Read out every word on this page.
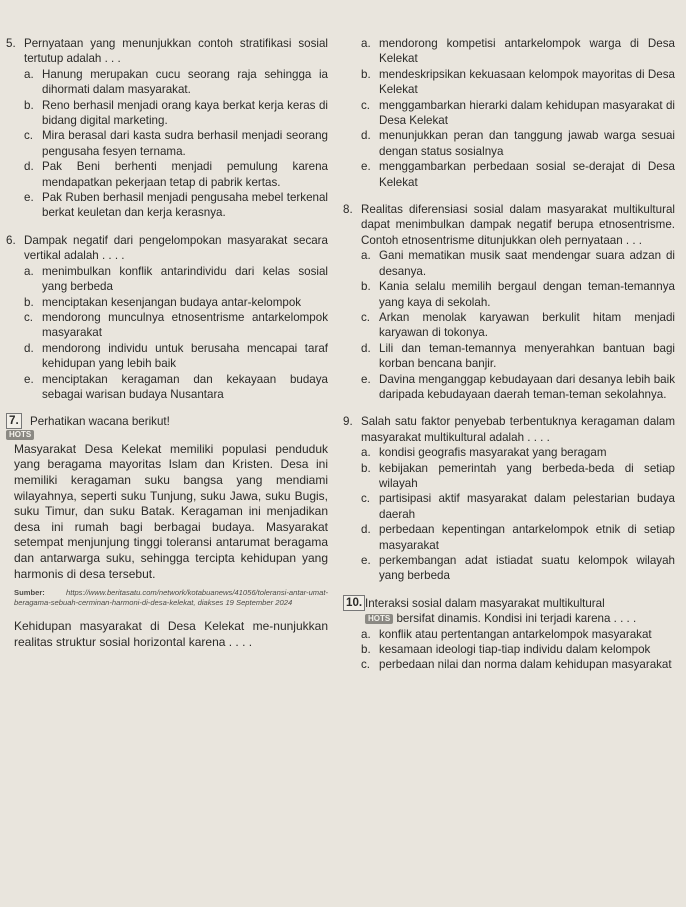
5. Pernyataan yang menunjukkan contoh stratifikasi sosial tertutup adalah . . .
a. Hanung merupakan cucu seorang raja sehingga ia dihormati dalam masyarakat.
b. Reno berhasil menjadi orang kaya berkat kerja keras di bidang digital marketing.
c. Mira berasal dari kasta sudra berhasil menjadi seorang pengusaha fesyen ternama.
d. Pak Beni berhenti menjadi pemulung karena mendapatkan pekerjaan tetap di pabrik kertas.
e. Pak Ruben berhasil menjadi pengusaha mebel terkenal berkat keuletan dan kerja kerasnya.
6. Dampak negatif dari pengelompokan masyarakat secara vertikal adalah . . . .
a. menimbulkan konflik antarindividu dari kelas sosial yang berbeda
b. menciptakan kesenjangan budaya antar-kelompok
c. mendorong munculnya etnosentrisme antarkelompok masyarakat
d. mendorong individu untuk berusaha mencapai taraf kehidupan yang lebih baik
e. menciptakan keragaman dan kekayaan budaya sebagai warisan budaya Nusantara
7. Perhatikan wacana berikut!
HOTS
Masyarakat Desa Kelekat memiliki populasi penduduk yang beragama mayoritas Islam dan Kristen. Desa ini memiliki keragaman suku bangsa yang mendiami wilayahnya, seperti suku Tunjung, suku Jawa, suku Bugis, suku Timur, dan suku Batak. Keragaman ini menjadikan desa ini rumah bagi berbagai budaya. Masyarakat setempat menjunjung tinggi toleransi antarumat beragama dan antarwarga suku, sehingga tercipta kehidupan yang harmonis di desa tersebut.
Sumber:	https://www.beritasatu.com/network/kotabuanews/41056/toleransi-antar-umat-beragama-sebuah-cerminan-harmoni-di-desa-kelekat, diakses 19 September 2024
Kehidupan masyarakat di Desa Kelekat me-nunjukkan realitas struktur sosial horizontal karena . . . .
a. mendorong kompetisi antarkelompok warga di Desa Kelekat
b. mendeskripsikan kekuasaan kelompok mayoritas di Desa Kelekat
c. menggambarkan hierarki dalam kehidupan masyarakat di Desa Kelekat
d. menunjukkan peran dan tanggung jawab warga sesuai dengan status sosialnya
e. menggambarkan perbedaan sosial se-derajat di Desa Kelekat
8. Realitas diferensiasi sosial dalam masyarakat multikultural dapat menimbulkan dampak negatif berupa etnosentrisme. Contoh etnosentrisme ditunjukkan oleh pernyataan . . .
a. Gani mematikan musik saat mendengar suara adzan di desanya.
b. Kania selalu memilih bergaul dengan teman-temannya yang kaya di sekolah.
c. Arkan menolak karyawan berkulit hitam menjadi karyawan di tokonya.
d. Lili dan teman-temannya menyerahkan bantuan bagi korban bencana banjir.
e. Davina menganggap kebudayaan dari desanya lebih baik daripada kebudayaan daerah teman-teman sekolahnya.
9. Salah satu faktor penyebab terbentuknya keragaman dalam masyarakat multikultural adalah . . . .
a. kondisi geografis masyarakat yang beragam
b. kebijakan pemerintah yang berbeda-beda di setiap wilayah
c. partisipasi aktif masyarakat dalam pelestarian budaya daerah
d. perbedaan kepentingan antarkelompok etnik di setiap masyarakat
e. perkembangan adat istiadat suatu kelompok wilayah yang berbeda
10. Interaksi sosial dalam masyarakat multikultural
HOTS bersifat dinamis. Kondisi ini terjadi karena . . . .
a. konflik atau pertentangan antarkelompok masyarakat
b. kesamaan ideologi tiap-tiap individu dalam kelompok
c. perbedaan nilai dan norma dalam kehidupan masyarakat
